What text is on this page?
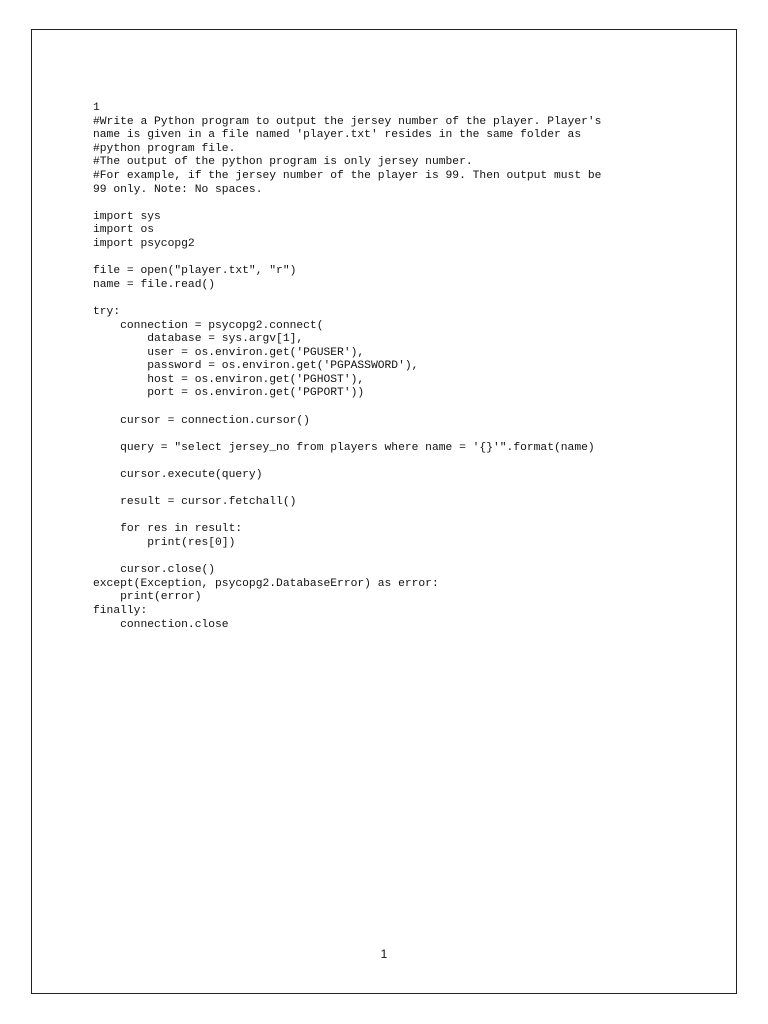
1
#Write a Python program to output the jersey number of the player. Player's
name is given in a file named 'player.txt' resides in the same folder as
#python program file.
#The output of the python program is only jersey number.
#For example, if the jersey number of the player is 99. Then output must be
99 only. Note: No spaces.
import sys
import os
import psycopg2
file = open("player.txt", "r")
name = file.read()
try:
connection = psycopg2.connect(
database = sys.argv[1],
user = os.environ.get('PGUSER'),
password = os.environ.get('PGPASSWORD'),
host = os.environ.get('PGHOST'),
port = os.environ.get('PGPORT'))
cursor = connection.cursor()
query = "select jersey_no from players where name = '{}'".format(name)
cursor.execute(query)
result = cursor.fetchall()
for res in result:
print(res[0])
cursor.close()
except(Exception, psycopg2.DatabaseError) as error:
print(error)
finally:
connection.close
1
